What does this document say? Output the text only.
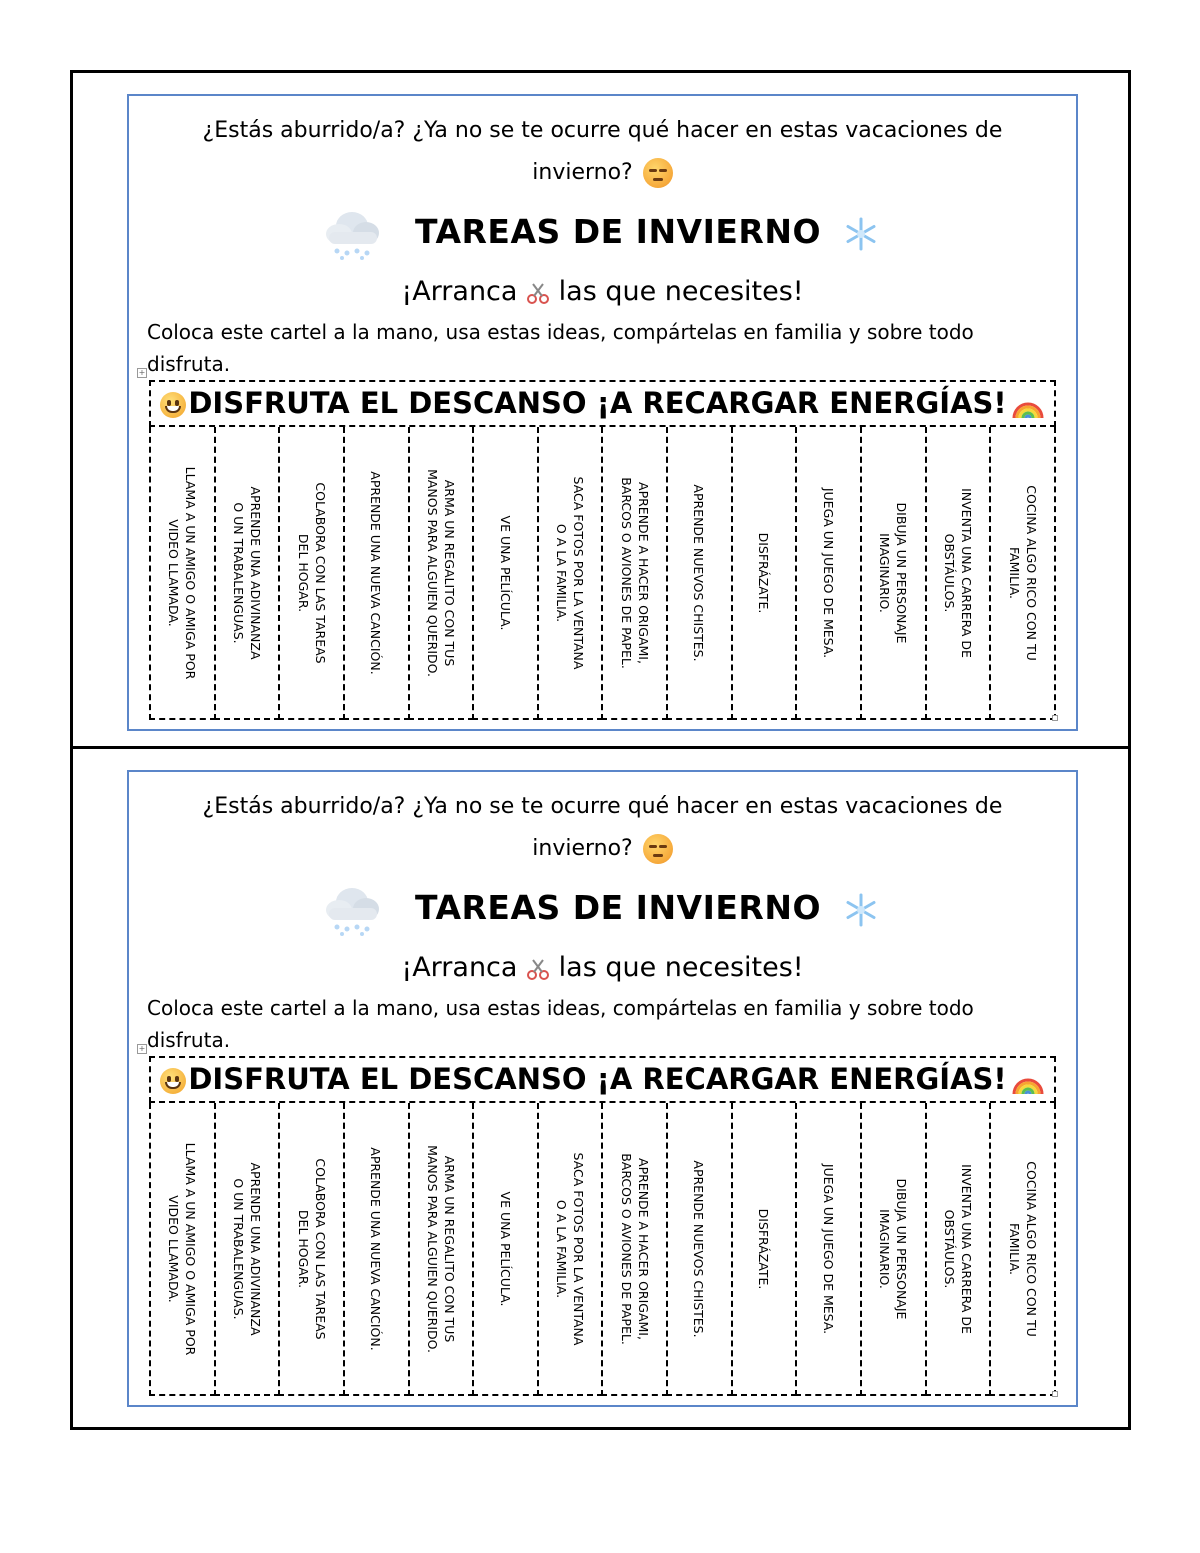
¿Estás aburrido/a? ¿Ya no se te ocurre qué hacer en estas vacaciones de
invierno?
TAREAS DE INVIERNO
¡Arranca las que necesites!
Coloca este cartel a la mano, usa estas ideas, compártelas en familia y sobre todo
disfruta.
+
DISFRUTA EL DESCANSO ¡A RECARGAR ENERGÍAS!
LLAMA A UN AMIGO O AMIGA POR
VIDEO LLAMADA.	APRENDE UNA ADIVINANZA
O UN TRABALENGUAS.	COLABORA CON LAS TAREAS
DEL HOGAR.	APRENDE UNA NUEVA CANCIÓN.	ARMA UN REGALITO CON TUS
MANOS PARA ALGUIEN QUERIDO.	VE UNA PELÍCULA.	SACA FOTOS POR LA VENTANA
O A LA FAMILIA.	APRENDE A HACER ORIGAMI,
BARCOS O AVIONES DE PAPEL.	APRENDE NUEVOS CHISTES.	DISFRÁZATE.	JUEGA UN JUEGO DE MESA.	DIBUJA UN PERSONAJE
IMAGINARIO.	INVENTA UNA CARRERA DE
OBSTÁULOS.	COCINA ALGO RICO CON TU
FAMILIA.
¿Estás aburrido/a? ¿Ya no se te ocurre qué hacer en estas vacaciones de
invierno?
TAREAS DE INVIERNO
¡Arranca las que necesites!
Coloca este cartel a la mano, usa estas ideas, compártelas en familia y sobre todo
disfruta.
+
DISFRUTA EL DESCANSO ¡A RECARGAR ENERGÍAS!
LLAMA A UN AMIGO O AMIGA POR
VIDEO LLAMADA.	APRENDE UNA ADIVINANZA
O UN TRABALENGUAS.	COLABORA CON LAS TAREAS
DEL HOGAR.	APRENDE UNA NUEVA CANCIÓN.	ARMA UN REGALITO CON TUS
MANOS PARA ALGUIEN QUERIDO.	VE UNA PELÍCULA.	SACA FOTOS POR LA VENTANA
O A LA FAMILIA.	APRENDE A HACER ORIGAMI,
BARCOS O AVIONES DE PAPEL.	APRENDE NUEVOS CHISTES.	DISFRÁZATE.	JUEGA UN JUEGO DE MESA.	DIBUJA UN PERSONAJE
IMAGINARIO.	INVENTA UNA CARRERA DE
OBSTÁULOS.	COCINA ALGO RICO CON TU
FAMILIA.
